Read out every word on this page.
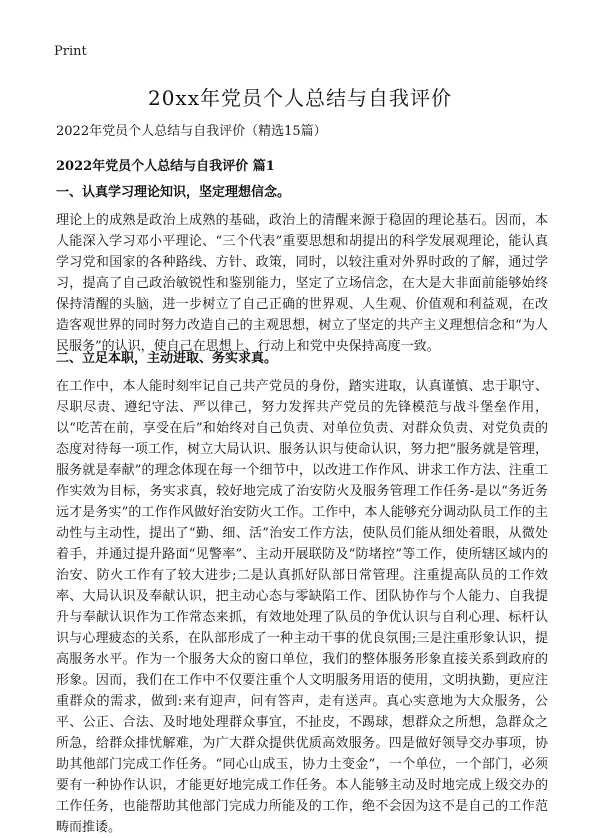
Print
20xx年党员个人总结与自我评价

2022年党员个人总结与自我评价（精选15篇）

2022年党员个人总结与自我评价 篇1

一、认真学习理论知识，坚定理想信念。

理论上的成熟是政治上成熟的基础，政治上的清醒来源于稳固的理论基石。因而，本人能深入学习邓小平理论、“三个代表”重要思想和胡提出的科学发展观理论，能认真学习党和国家的各种路线、方针、政策，同时，以较注重对外界时政的了解，通过学习，提高了自己政治敏锐性和鉴别能力，坚定了立场信念，在大是大非面前能够始终保持清醒的头脑，进一步树立了自己正确的世界观、人生观、价值观和利益观，在改造客观世界的同时努力改造自己的主观思想，树立了坚定的共产主义理想信念和“为人民服务”的认识，使自己在思想上、行动上和党中央保持高度一致。

二、立足本职，主动进取、务实求真。

在工作中，本人能时刻牢记自己共产党员的身份，踏实进取，认真谨慎、忠于职守、尽职尽责、遵纪守法、严以律己，努力发挥共产党员的先锋模范与战斗堡垒作用，以“吃苦在前，享受在后”和始终对自己负责、对单位负责、对群众负责、对党负责的态度对待每一项工作，树立大局认识、服务认识与使命认识，努力把“服务就是管理，服务就是奉献”的理念体现在每一个细节中，以改进工作作风、讲求工作方法、注重工作实效为目标，务实求真，较好地完成了治安防火及服务管理工作任务-是以“务近务远才是务实”的工作作风做好治安防火工作。工作中，本人能够充分调动队员工作的主动性与主动性，提出了“勤、细、活”治安工作方法，使队员们能从细处着眼，从微处着手，并通过提升路面“见警率”、主动开展联防及“防堵控”等工作，使所辖区域内的治安、防火工作有了较大进步;二是认真抓好队部日常管理。注重提高队员的工作效率、大局认识及奉献认识，把主动心态与零缺陷工作、团队协作与个人能力、自我提升与奉献认识作为工作常态来抓，有效地处理了队员的争优认识与自利心理、标杆认识与心理疲态的关系，在队部形成了一种主动干事的优良氛围;三是注重形象认识，提高服务水平。作为一个服务大众的窗口单位，我们的整体服务形象直接关系到政府的形象。因而，我们在工作中不仅要注重个人文明服务用语的使用，文明执勤，更应注重群众的需求，做到:来有迎声，问有答声，走有送声。真心实意地为大众服务，公平、公正、合法、及时地处理群众事宜，不扯皮，不踢球，想群众之所想，急群众之所急，给群众排忧解难，为广大群众提供优质高效服务。四是做好领导交办事项，协助其他部门完成工作任务。“同心山成玉，协力土变金”，一个单位，一个部门，必须要有一种协作认识，才能更好地完成工作任务。本人能够主动及时地完成上级交办的工作任务，也能帮助其他部门完成力所能及的工作，绝不会因为这不是自己的工作范畴而推诿。
